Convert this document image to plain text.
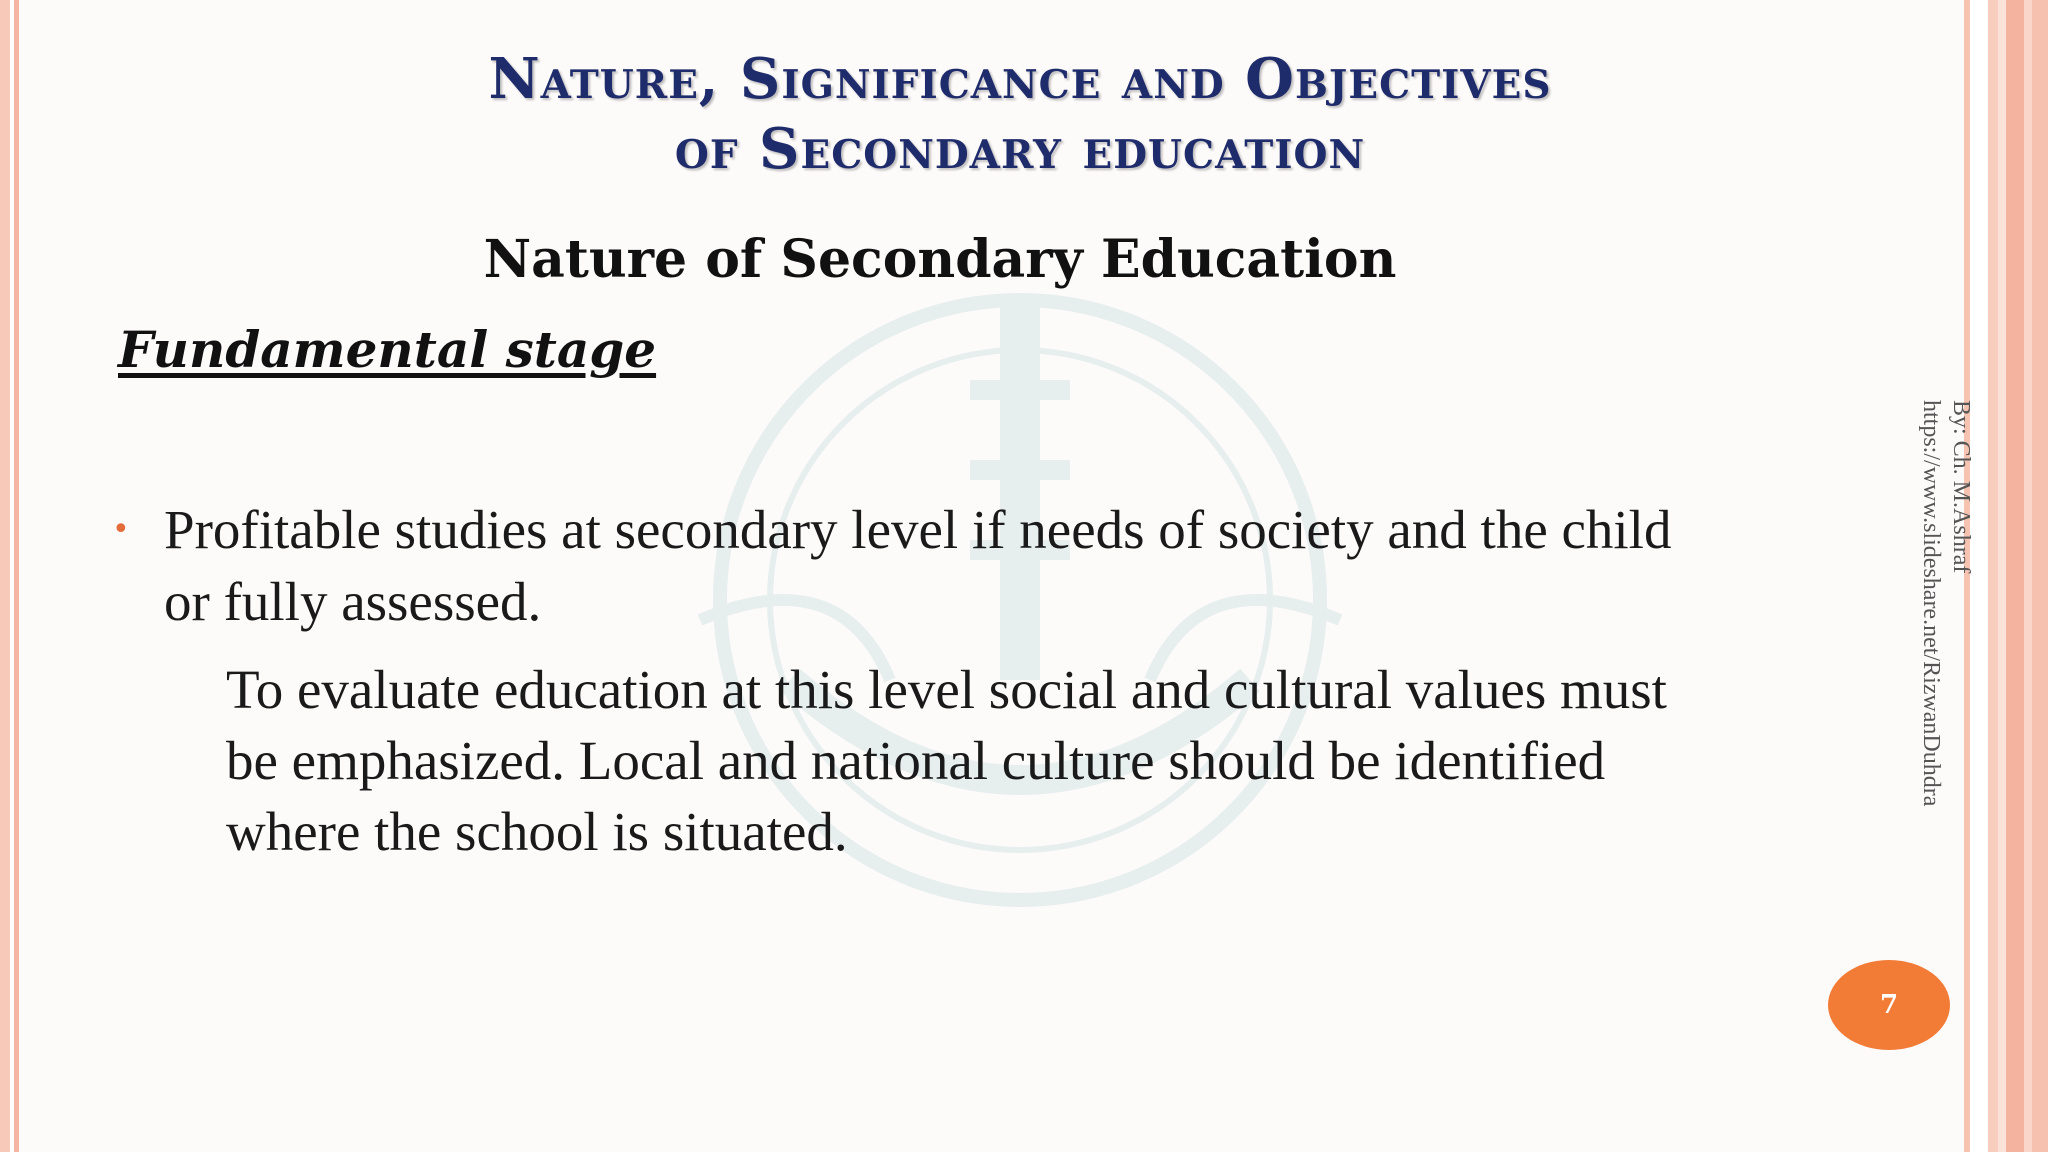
Nature, Significance and Objectives
of Secondary education
Nature of Secondary Education
Fundamental stage
• Profitable studies at secondary level if needs of society and the child or fully assessed.
To evaluate education at this level social and cultural values must be emphasized. Local and national culture should be identified where the school is situated.
By: Ch. M.Ashraf
https://www.slideshare.net/RizwanDuhdra
7
